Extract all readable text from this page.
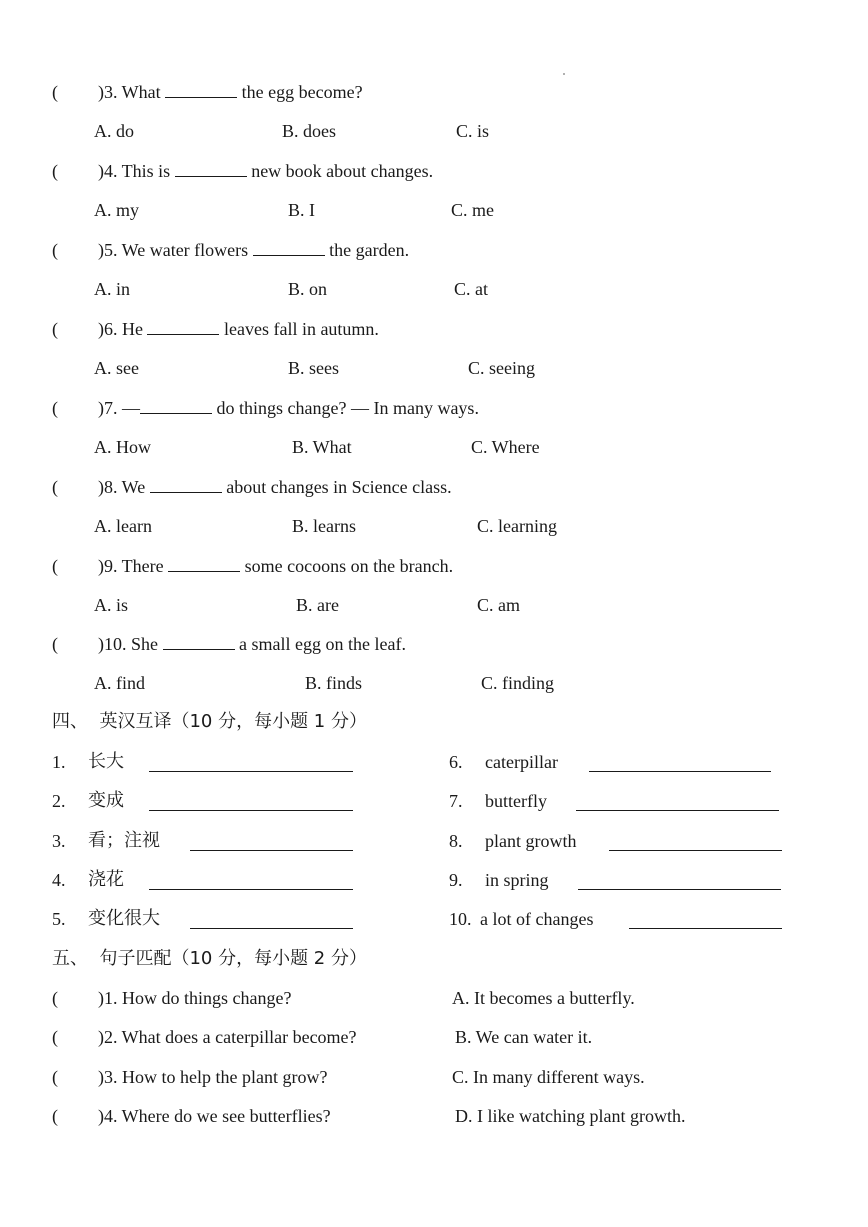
( )3. What	the egg become?
A. do	B. does	C. is
( )4. This is	new book about changes.
A. my	B. I	C. me
( )5. We water flowers	the garden.
A. in	B. on	C. at
( )6. He	leaves fall in autumn.
A. see	B. sees	C. seeing
( )7. —	do things change? — In many ways.
A. How	B. What	C. Where
( )8. We	about changes in Science class.
A. learn	B. learns	C. learning
( )9. There	some cocoons on the branch.
A. is	B. are	C. am
( )10. She	a small egg on the leaf.
A. find	B. finds	C. finding
四、  英汉互译（10 分，每小题 1 分）
1. 长大
2. 变成
3. 看；注视
4. 浇花
5. 变化很大
6. caterpillar
7. butterfly
8. plant growth
9. in spring
10. a lot of changes
五、  句子匹配（10 分，每小题 2 分）
( )1. How do things change?	A. It becomes a butterfly.
( )2. What does a caterpillar become?	B. We can water it.
( )3. How to help the plant grow?	C. In many different ways.
( )4. Where do we see butterflies?	D. I like watching plant growth.
